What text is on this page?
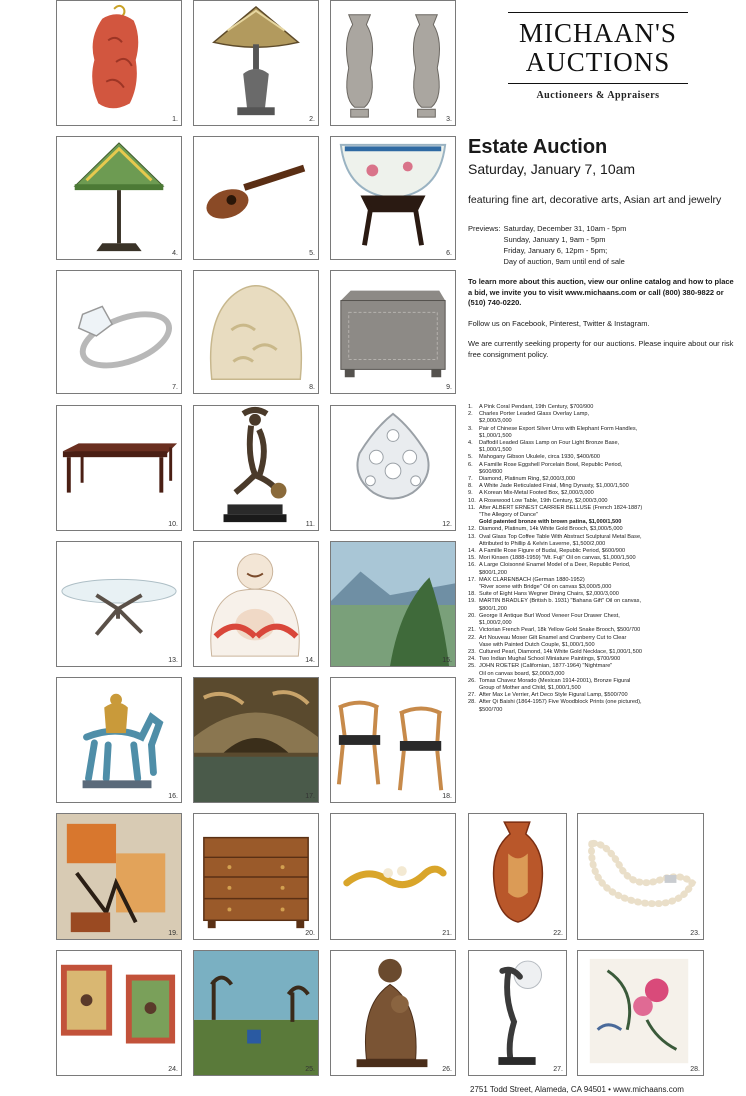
1.	2.	3.
MICHAAN'S
AUCTIONS
Auctioneers & Appraisers
4.	5.	6.
Estate Auction
Saturday, January 7, 10am
featuring fine art, decorative arts, Asian art and jewelry
Previews: Saturday, December 31, 10am - 5pm
Sunday, January 1, 9am - 5pm
Friday, January 6, 12pm - 5pm;
Day of auction, 9am until end of sale
To learn more about this auction, view our online catalog and how to place a bid, we invite you to visit www.michaans.com or call (800) 380-9822 or (510) 740-0220.
Follow us on Facebook, Pinterest, Twitter & Instagram.
We are currently seeking property for our auctions. Please inquire about our risk free consignment policy.
7.	8.	9.
10.	11.	12.
1.	A Pink Coral Pendant, 19th Century, $700/900
2.	Charles Porter Leaded Glass Overlay Lamp,
$2,000/3,000
3.	Pair of Chinese Export Silver Urns with Elephant Form Handles,
$1,000/1,500
4.	Daffodil Leaded Glass Lamp on Four Light Bronze Base,
$1,000/1,500
5.	Mahogany Gibson Ukulele, circa 1930, $400/600
6.	A Famille Rose Eggshell Porcelain Bowl, Republic Period,
$600/800
7.	Diamond, Platinum Ring, $2,000/3,000
8.	A White Jade Reticulated Finial, Ming Dynasty, $1,000/1,500
9.	A Korean Mix-Metal Footed Box, $2,000/3,000
10. A Rosewood Low Table, 19th Century, $2,000/3,000
11. After ALBERT ERNEST CARRIER BELLUSE (French 1824-1887)
"The Allegory of Dance"
Gold patented bronze with brown patina, $1,000/1,500
12. Diamond, Platinum, 14k White Gold Brooch, $3,000/5,000
13. Oval Glass Top Coffee Table With Abstract Sculptural Metal Base,
Attributed to Phillip & Kelvin Laverne, $1,500/2,000
14. A Famille Rose Figure of Budai, Republic Period, $600/900
15. Mori Kinsen (1888-1959) "Mt. Fuji" Oil on canvas, $1,000/1,500
16. A Large Cloisonné Enamel Model of a Deer, Republic Period,
$800/1,200
17. MAX CLARENBACH (German 1880-1952)
"River scene with Bridge" Oil on canvas $3,000/5,000
18. Suite of Eight Hans Wegner Dining Chairs, $2,000/3,000
19. MARTIN BRADLEY (British b. 1931) "Bahana Gift" Oil on canvas,
$800/1,200
20. George II Antique Burl Wood Veneer Four Drawer Chest,
$1,000/2,000
21. Victorian French Pearl, 18k Yellow Gold Snake Brooch, $500/700
22. Art Nouveau Moser Gilt Enamel and Cranberry Cut to Clear
Vase with Painted Dutch Couple, $1,000/1,500
23. Cultured Pearl, Diamond, 14k White Gold Necklace, $1,000/1,500
24. Two Indian Mughal School Miniature Paintings, $700/900
25. JOHN ROETER (Californian, 1877-1964) "Nightmare"
Oil on canvas board, $2,000/3,000
26. Tomas Chavez Morado (Mexican 1914-2001), Bronze Figural
Group of Mother and Child, $1,000/1,500
27. After Max Le Verrier, Art Deco Style Figural Lamp, $500/700
28. After Qi Baishi (1864-1957) Five Woodblock Prints (one pictured),
$500/700
13.	14.	15.
16.	17.	18.
19.	20.	21.	22.	23.
24.	25.	26.	27.	28.
2751 Todd Street, Alameda, CA 94501 • www.michaans.com
